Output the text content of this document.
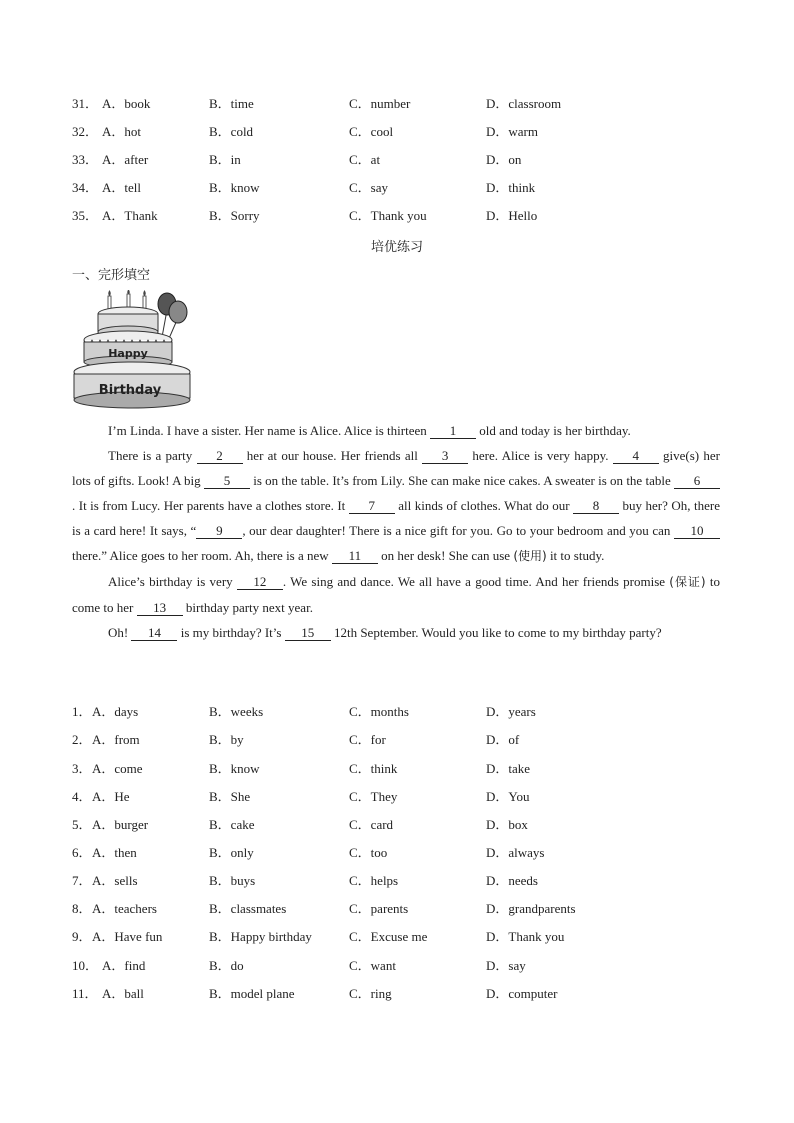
31． A．book	B．time	C．number	D．classroom
32． A．hot	B．cold	C．cool	D．warm
33． A．after	B．in	C．at	D．on
34． A．tell	B．know	C．say	D．think
35． A．Thank	B．Sorry	C．Thank you	D．Hello
培优练习
一、完形填空
Happy
Birthday

I’m Linda. I have a sister. Her name is Alice. Alice is thirteen 1 old and today is her birthday.

There is a party 2 her at our house. Her friends all 3 here. Alice is very happy. 4 give(s) her lots of gifts. Look! A big 5 is on the table. It’s from Lily. She can make nice cakes. A sweater is on the table 6. It is from Lucy. Her parents have a clothes store. It 7 all kinds of clothes. What do our 8 buy her? Oh, there is a card here! It says, “ 9 , our dear daughter! There is a nice gift for you. Go to your bedroom and you can 10 there.” Alice goes to her room. Ah, there is a new 11 on her desk! She can use (使用) it to study.

Alice’s birthday is very 12 . We sing and dance. We all have a good time. And her friends promise (保证) to come to her 13 birthday party next year.

Oh! 14 is my birthday? It’s 15 12th September. Would you like to come to my birthday party?

1． A．days	B．weeks	C．months	D．years
2． A．from	B．by	C．for	D．of
3． A．come	B．know	C．think	D．take
4． A．He	B．She	C．They	D．You
5． A．burger	B．cake	C．card	D．box
6． A．then	B．only	C．too	D．always
7． A．sells	B．buys	C．helps	D．needs
8． A．teachers	B．classmates	C．parents	D．grandparents
9． A．Have fun	B．Happy birthday	C．Excuse me	D．Thank you
10． A．find	B．do	C．want	D．say
11． A．ball	B．model plane	C．ring	D．computer
